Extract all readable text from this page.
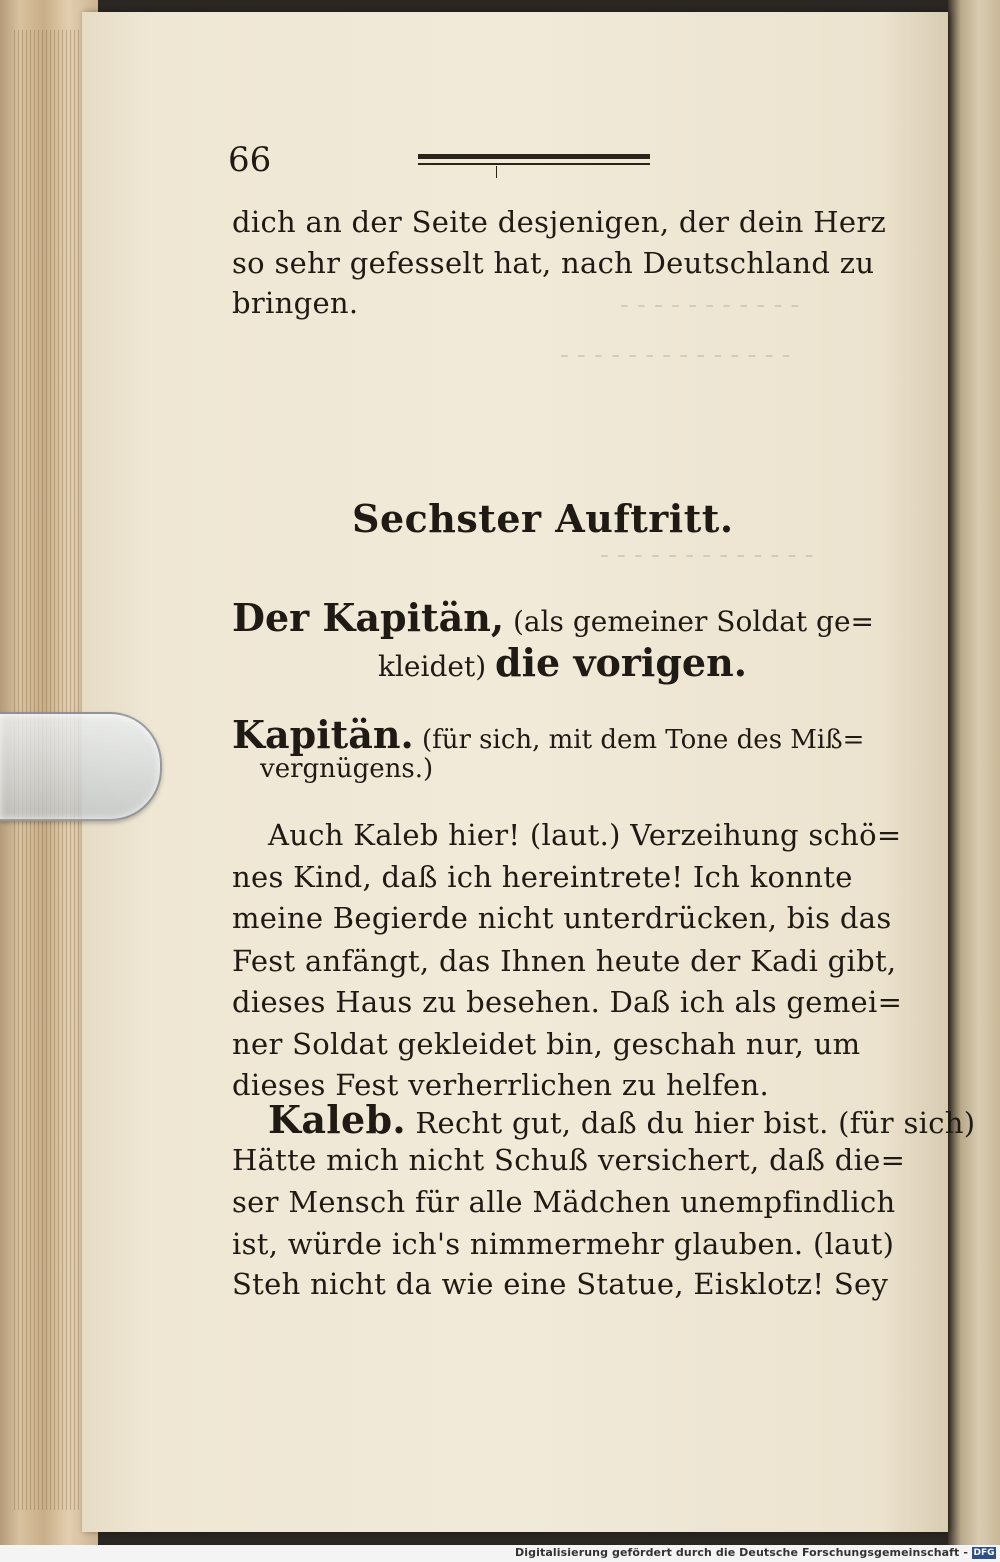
- - - - - - - - - - -
- - - - - - - - - - - - - -
- - - - - - - - - - - - -
66
dich an der Seite desjenigen, der dein Herz
so sehr gefesselt hat, nach Deutschland zu
bringen.
Sechster Auftritt.
Der Kapitän, (als gemeiner Soldat ge=
kleidet) die vorigen.
Kapitän. (für sich, mit dem Tone des Miß=
vergnügens.)
Auch Kaleb hier! (laut.) Verzeihung schö=
nes Kind, daß ich hereintrete! Ich konnte
meine Begierde nicht unterdrücken, bis das
Fest anfängt, das Ihnen heute der Kadi gibt,
dieses Haus zu besehen. Daß ich als gemei=
ner Soldat gekleidet bin, geschah nur, um
dieses Fest verherrlichen zu helfen.
Kaleb. Recht gut, daß du hier bist. (für sich)
Hätte mich nicht Schuß versichert, daß die=
ser Mensch für alle Mädchen unempfindlich
ist, würde ich's nimmermehr glauben. (laut)
Steh nicht da wie eine Statue, Eisklotz! Sey
Digitalisierung gefördert durch die Deutsche Forschungsgemeinschaft - DFG
